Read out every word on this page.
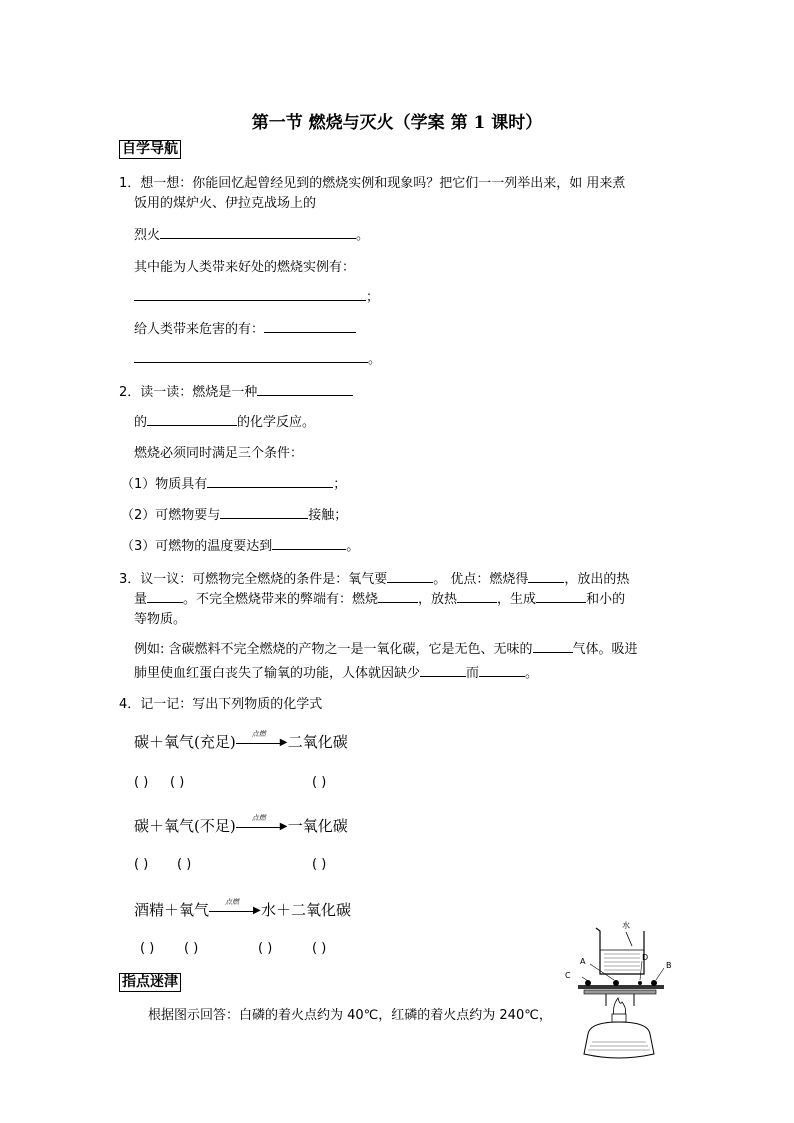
第一节 燃烧与灭火（学案 第 1 课时）
自学导航
1．想一想：你能回忆起曾经见到的燃烧实例和现象吗？把它们一一列举出来，如 用来煮
饭用的煤炉火、伊拉克战场上的
烈火	。
其中能为人类带来好处的燃烧实例有：
；
给人类带来危害的有：
。
2．读一读：燃烧是一种
的	的化学反应。
燃烧必须同时满足三个条件：
（1）物质具有	；
（2）可燃物要与	接触；
（3）可燃物的温度要达到	。
3．议一议：可燃物完全燃烧的条件是：氧气要	。 优点：燃烧得	，放出的热
量	。不完全燃烧带来的弊端有：燃烧	，放热	，生成	和小的
等物质。
例如: 含碳燃料不完全燃烧的产物之一是一氧化碳，它是无色、无味的	气体。吸进
肺里使血红蛋白丧失了输氧的功能，人体就因缺少	而	。
4．记一记：写出下列物质的化学式
碳＋氧气(充足)	点燃
▶ 二氧化碳
( ) ( )	( )
碳＋氧气(不足)	点燃
▶ 一氧化碳
( ) ( )	( )
酒精＋氧气	点燃
▶ 水＋二氧化碳
( ) ( )	( )	( )
指点迷津
根据图示回答：白磷的着火点约为 40℃，红磷的着火点约为 240℃，
水
C
A	D
B
